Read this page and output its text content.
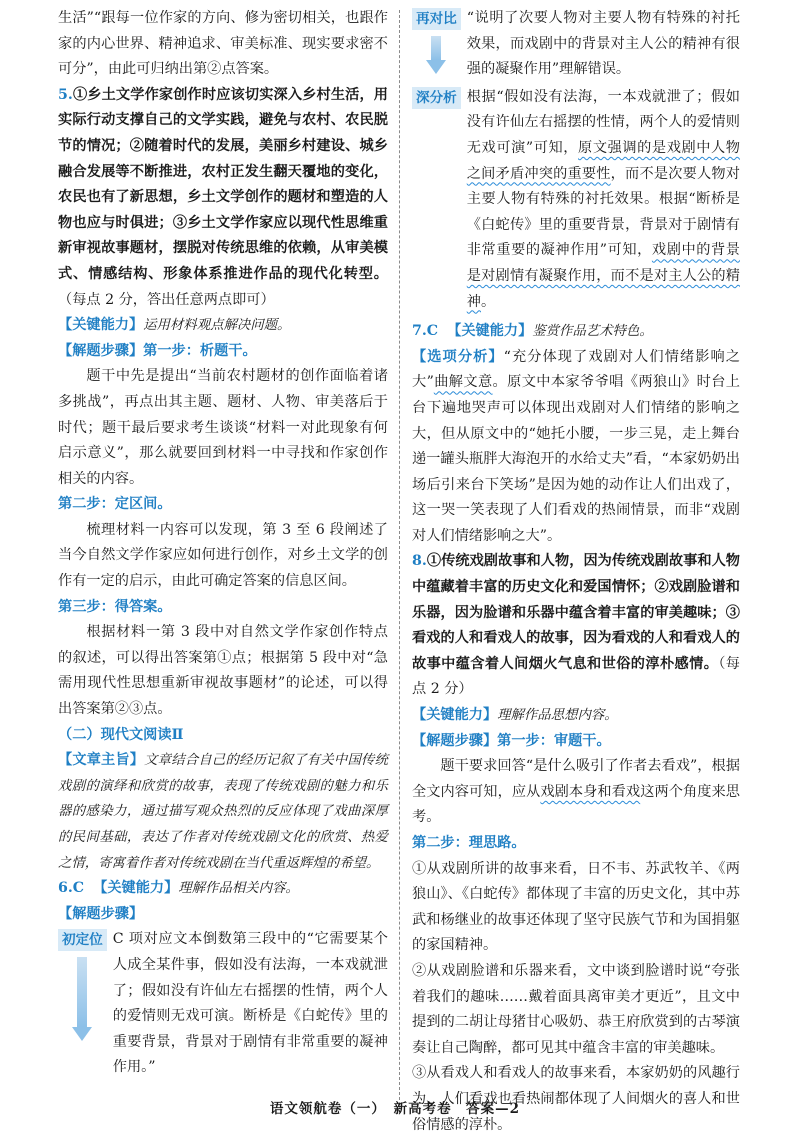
生活”“跟每一位作家的方向、修为密切相关，也跟作家的内心世界、精神追求、审美标准、现实要求密不可分”，由此可归纳出第②点答案。

5.①乡土文学作家创作时应该切实深入乡村生活，用实际行动支撑自己的文学实践，避免与农村、农民脱节的情况；②随着时代的发展，美丽乡村建设、城乡融合发展等不断推进，农村正发生翻天覆地的变化，农民也有了新思想，乡土文学创作的题材和塑造的人物也应与时俱进；③乡土文学作家应以现代性思维重新审视故事题材，摆脱对传统思维的依赖，从审美模式、情感结构、形象体系推进作品的现代化转型。（每点 2 分，答出任意两点即可）

【关键能力】运用材料观点解决问题。

【解题步骤】第一步：析题干。

题干中先是提出“当前农村题材的创作面临着诸多挑战”，再点出其主题、题材、人物、审美落后于时代；题干最后要求考生谈谈“材料一对此现象有何启示意义”，那么就要回到材料一中寻找和作家创作相关的内容。

第二步：定区间。

梳理材料一内容可以发现，第 3 至 6 段阐述了当今自然文学作家应如何进行创作，对乡土文学的创作有一定的启示，由此可确定答案的信息区间。

第三步：得答案。

根据材料一第 3 段中对自然文学作家创作特点的叙述，可以得出答案第①点；根据第 5 段中对“急需用现代性思想重新审视故事题材”的论述，可以得出答案第②③点。

（二）现代文阅读Ⅱ

【文章主旨】文章结合自己的经历记叙了有关中国传统戏剧的演绎和欣赏的故事，表现了传统戏剧的魅力和乐器的感染力，通过描写观众热烈的反应体现了戏曲深厚的民间基础，表达了作者对传统戏剧文化的欣赏、热爱之情，寄寓着作者对传统戏剧在当代重返辉煌的希望。

6.C 【关键能力】理解作品相关内容。

【解题步骤】

初定位 C 项对应文本倒数第三段中的“它需要某个人成全某件事，假如没有法海，一本戏就泄了；假如没有许仙左右摇摆的性情，两个人的爱情则无戏可演。断桥是《白蛇传》里的重要背景，背景对于剧情有非常重要的凝神作用。”

再对比 “说明了次要人物对主要人物有特殊的衬托效果，而戏剧中的背景对主人公的精神有很强的凝聚作用”理解错误。

深分析 根据“假如没有法海，一本戏就泄了；假如没有许仙左右摇摆的性情，两个人的爱情则无戏可演”可知，原文强调的是戏剧中人物之间矛盾冲突的重要性，而不是次要人物对主要人物有特殊的衬托效果。根据“断桥是《白蛇传》里的重要背景，背景对于剧情有非常重要的凝神作用”可知，戏剧中的背景是对剧情有凝聚作用，而不是对主人公的精神。

7.C 【关键能力】鉴赏作品艺术特色。

【选项分析】“充分体现了戏剧对人们情绪影响之大”曲解文意。原文中本家爷爷唱《两狼山》时台上台下遍地哭声可以体现出戏剧对人们情绪的影响之大，但从原文中的“她托小腰，一步三晃，走上舞台递一罐头瓶胖大海泡开的水给丈夫”看，“本家奶奶出场后引来台下笑场”是因为她的动作让人们出戏了，这一哭一笑表现了人们看戏的热闹情景，而非“戏剧对人们情绪影响之大”。

8.①传统戏剧故事和人物，因为传统戏剧故事和人物中蕴藏着丰富的历史文化和爱国情怀；②戏剧脸谱和乐器，因为脸谱和乐器中蕴含着丰富的审美趣味；③看戏的人和看戏人的故事，因为看戏的人和看戏人的故事中蕴含着人间烟火气息和世俗的淳朴感情。（每点 2 分）

【关键能力】理解作品思想内容。

【解题步骤】第一步：审题干。

题干要求回答“是什么吸引了作者去看戏”，根据全文内容可知，应从戏剧本身和看戏这两个角度来思考。

第二步：理思路。

①从戏剧所讲的故事来看，日不韦、苏武牧羊、《两狼山》、《白蛇传》都体现了丰富的历史文化，其中苏武和杨继业的故事还体现了坚守民族气节和为国捐躯的家国精神。

②从戏剧脸谱和乐器来看，文中谈到脸谱时说“夸张着我们的趣味……戴着面具离审美才更近”，且文中提到的二胡让母猪甘心吸奶、恭王府欣赏到的古琴演奏让自己陶醉，都可见其中蕴含丰富的审美趣味。

③从看戏人和看戏人的故事来看，本家奶奶的风趣行为、人们看戏也看热闹都体现了人间烟火的喜人和世俗情感的淳朴。

语文领航卷（一）　新高考卷　答案—2
